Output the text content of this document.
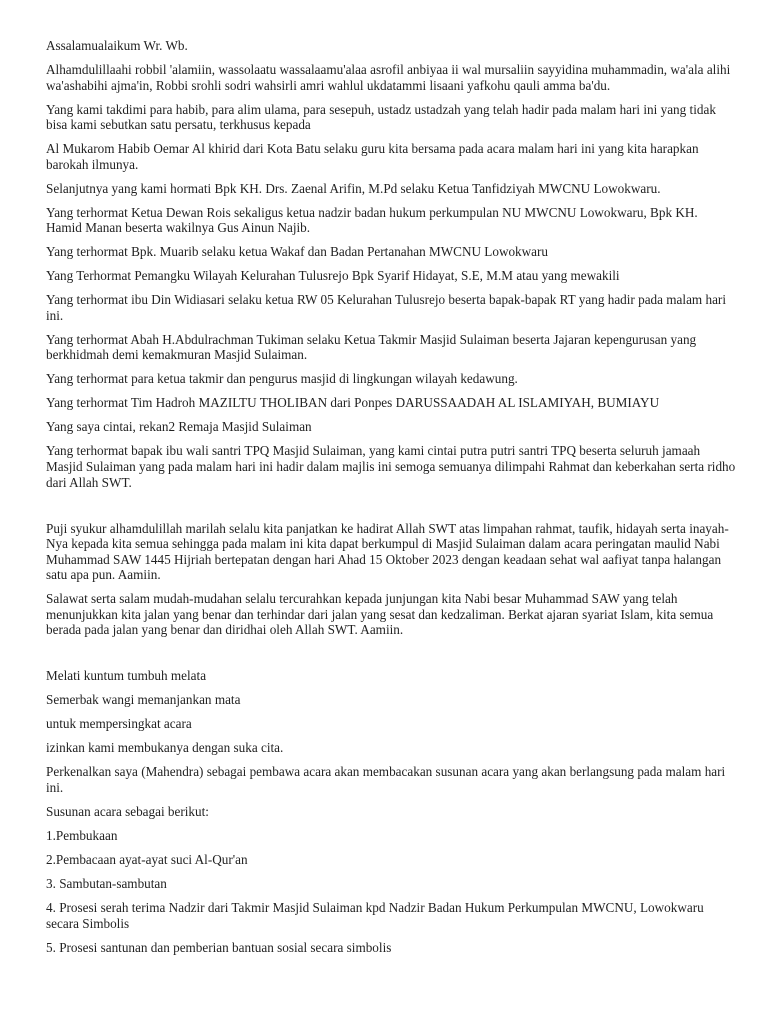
Assalamualaikum Wr. Wb.

Alhamdulillaahi robbil 'alamiin, wassolaatu wassalaamu'alaa asrofil anbiyaa ii wal mursaliin sayyidina muhammadin, wa'ala alihi wa'ashabihi ajma'in, Robbi srohli sodri wahsirli amri wahlul ukdatammi lisaani yafkohu qauli amma ba'du.

Yang kami takdimi para habib, para alim ulama, para sesepuh, ustadz ustadzah yang telah hadir pada malam hari ini yang tidak bisa kami sebutkan satu persatu, terkhusus kepada

Al Mukarom Habib Oemar Al khirid dari Kota Batu selaku guru kita bersama pada acara malam hari ini yang kita harapkan barokah ilmunya.

Selanjutnya yang kami hormati Bpk KH. Drs. Zaenal Arifin, M.Pd selaku Ketua Tanfidziyah MWCNU Lowokwaru.

Yang terhormat Ketua Dewan Rois sekaligus ketua nadzir badan hukum perkumpulan NU MWCNU Lowokwaru, Bpk KH. Hamid Manan beserta wakilnya Gus Ainun Najib.

Yang terhormat Bpk. Muarib selaku ketua Wakaf dan Badan Pertanahan MWCNU Lowokwaru

Yang Terhormat Pemangku Wilayah Kelurahan Tulusrejo Bpk Syarif Hidayat, S.E, M.M atau yang mewakili

Yang terhormat ibu Din Widiasari selaku ketua RW 05 Kelurahan Tulusrejo beserta bapak-bapak RT yang hadir pada malam hari ini.

Yang terhormat Abah H.Abdulrachman Tukiman selaku Ketua Takmir Masjid Sulaiman beserta Jajaran kepengurusan yang berkhidmah demi kemakmuran Masjid Sulaiman.

Yang terhormat para ketua takmir dan pengurus masjid di lingkungan wilayah kedawung.

Yang terhormat Tim Hadroh MAZILTU THOLIBAN dari Ponpes DARUSSAADAH AL ISLAMIYAH, BUMIAYU

Yang saya cintai, rekan2 Remaja Masjid Sulaiman

Yang terhormat bapak ibu wali santri TPQ Masjid Sulaiman, yang kami cintai putra putri santri TPQ beserta seluruh jamaah Masjid Sulaiman yang pada malam hari ini hadir dalam majlis ini semoga semuanya dilimpahi Rahmat dan keberkahan serta ridho dari Allah SWT.

Puji syukur alhamdulillah marilah selalu kita panjatkan ke hadirat Allah SWT atas limpahan rahmat, taufik, hidayah serta inayah-Nya kepada kita semua sehingga pada malam ini kita dapat berkumpul di Masjid Sulaiman dalam acara peringatan maulid Nabi Muhammad SAW 1445 Hijriah bertepatan dengan hari Ahad 15 Oktober 2023 dengan keadaan sehat wal aafiyat tanpa halangan satu apa pun. Aamiin.

Salawat serta salam mudah-mudahan selalu tercurahkan kepada junjungan kita Nabi besar Muhammad SAW yang telah menunjukkan kita jalan yang benar dan terhindar dari jalan yang sesat dan kedzaliman. Berkat ajaran syariat Islam, kita semua berada pada jalan yang benar dan diridhai oleh Allah SWT. Aamiin.

Melati kuntum tumbuh melata

Semerbak wangi memanjankan mata

untuk mempersingkat acara

izinkan kami membukanya dengan suka cita.

Perkenalkan saya (Mahendra) sebagai pembawa acara akan membacakan susunan acara yang akan berlangsung pada malam hari ini.

Susunan acara sebagai berikut:

1.Pembukaan

2.Pembacaan ayat-ayat suci Al-Qur'an

3. Sambutan-sambutan

4. Prosesi serah terima Nadzir dari Takmir Masjid Sulaiman kpd Nadzir Badan Hukum Perkumpulan MWCNU, Lowokwaru secara Simbolis

5. Prosesi santunan dan pemberian bantuan sosial secara simbolis
